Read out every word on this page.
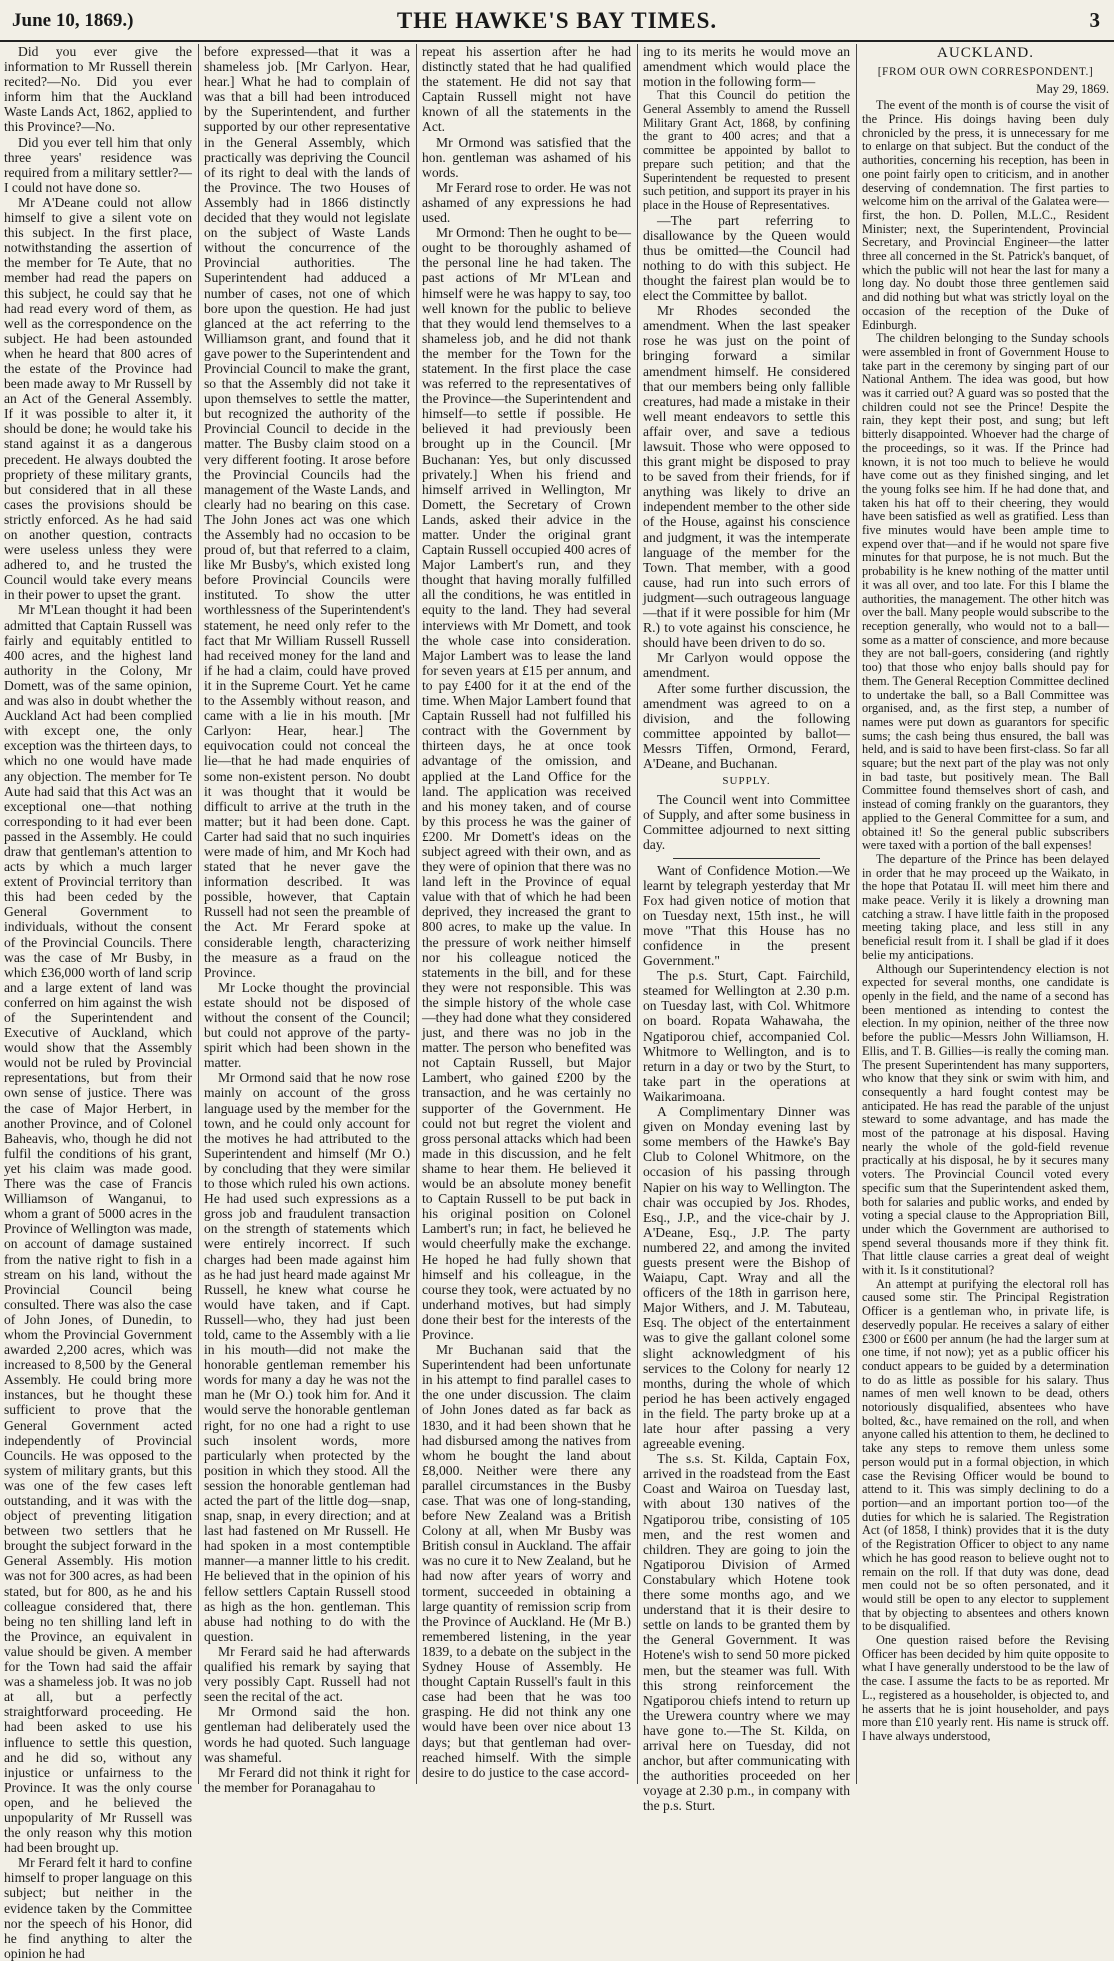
June 10, 1869.)	THE HAWKE'S BAY TIMES.	3

Did you ever give the information to Mr Russell therein recited?—No. Did you ever inform him that the Auckland Waste Lands Act, 1862, applied to this Province?—No.

Did you ever tell him that only three years' residence was required from a military settler?—I could not have done so.

Mr A'Deane could not allow himself to give a silent vote on this subject. In the first place, notwithstanding the assertion of the member for Te Aute, that no member had read the papers on this subject, he could say that he had read every word of them, as well as the correspondence on the subject. He had been astounded when he heard that 800 acres of the estate of the Province had been made away to Mr Russell by an Act of the General Assembly. If it was possible to alter it, it should be done; he would take his stand against it as a dangerous precedent. He always doubted the propriety of these military grants, but considered that in all these cases the provisions should be strictly enforced. As he had said on another question, contracts were useless unless they were adhered to, and he trusted the Council would take every means in their power to upset the grant.

Mr M'Lean thought it had been admitted that Captain Russell was fairly and equitably entitled to 400 acres, and the highest land authority in the Colony, Mr Domett, was of the same opinion, and was also in doubt whether the Auckland Act had been complied with except one, the only exception was the thirteen days, to which no one would have made any objection. The member for Te Aute had said that this Act was an exceptional one—that nothing corresponding to it had ever been passed in the Assembly. He could draw that gentleman's attention to acts by which a much larger extent of Provincial territory than this had been ceded by the General Government to individuals, without the consent of the Provincial Councils. There was the case of Mr Busby, in which £36,000 worth of land scrip and a large extent of land was conferred on him against the wish of the Superintendent and Executive of Auckland, which would show that the Assembly would not be ruled by Provincial representations, but from their own sense of justice. There was the case of Major Herbert, in another Province, and of Colonel Baheavis, who, though he did not fulfil the conditions of his grant, yet his claim was made good. There was the case of Francis Williamson of Wanganui, to whom a grant of 5000 acres in the Province of Wellington was made, on account of damage sustained from the native right to fish in a stream on his land, without the Provincial Council being consulted. There was also the case of John Jones, of Dunedin, to whom the Provincial Government awarded 2,200 acres, which was increased to 8,500 by the General Assembly. He could bring more instances, but he thought these sufficient to prove that the General Government acted independently of Provincial Councils. He was opposed to the system of military grants, but this was one of the few cases left outstanding, and it was with the object of preventing litigation between two settlers that he brought the subject forward in the General Assembly. His motion was not for 300 acres, as had been stated, but for 800, as he and his colleague considered that, there being no ten shilling land left in the Province, an equivalent in value should be given. A member for the Town had said the affair was a shameless job. It was no job at all, but a perfectly straightforward proceeding. He had been asked to use his influence to settle this question, and he did so, without any injustice or unfairness to the Province. It was the only course open, and he believed the unpopularity of Mr Russell was the only reason why this motion had been brought up.

Mr Ferard felt it hard to confine himself to proper language on this subject; but neither in the evidence taken by the Committee nor the speech of his Honor, did he find anything to alter the opinion he had

before expressed—that it was a shameless job. [Mr Carlyon. Hear, hear.] What he had to complain of was that a bill had been introduced by the Superintendent, and further supported by our other representative in the General Assembly, which practically was depriving the Council of its right to deal with the lands of the Province. The two Houses of Assembly had in 1866 distinctly decided that they would not legislate on the subject of Waste Lands without the concurrence of the Provincial authorities. The Superintendent had adduced a number of cases, not one of which bore upon the question. He had just glanced at the act referring to the Williamson grant, and found that it gave power to the Superintendent and Provincial Council to make the grant, so that the Assembly did not take it upon themselves to settle the matter, but recognized the authority of the Provincial Council to decide in the matter. The Busby claim stood on a very different footing. It arose before the Provincial Councils had the management of the Waste Lands, and clearly had no bearing on this case. The John Jones act was one which the Assembly had no occasion to be proud of, but that referred to a claim, like Mr Busby's, which existed long before Provincial Councils were instituted. To show the utter worthlessness of the Superintendent's statement, he need only refer to the fact that Mr William Russell Russell had received money for the land and if he had a claim, could have proved it in the Supreme Court. Yet he came to the Assembly without reason, and came with a lie in his mouth. [Mr Carlyon: Hear, hear.] The equivocation could not conceal the lie—that he had made enquiries of some non-existent person. No doubt it was thought that it would be difficult to arrive at the truth in the matter; but it had been done. Capt. Carter had said that no such inquiries were made of him, and Mr Koch had stated that he never gave the information described. It was possible, however, that Captain Russell had not seen the preamble of the Act. Mr Ferard spoke at considerable length, characterizing the measure as a fraud on the Province.

Mr Locke thought the provincial estate should not be disposed of without the consent of the Council; but could not approve of the party-spirit which had been shown in the matter.

Mr Ormond said that he now rose mainly on account of the gross language used by the member for the town, and he could only account for the motives he had attributed to the Superintendent and himself (Mr O.) by concluding that they were similar to those which ruled his own actions. He had used such expressions as a gross job and fraudulent transaction on the strength of statements which were entirely incorrect. If such charges had been made against him as he had just heard made against Mr Russell, he knew what course he would have taken, and if Capt. Russell—who, they had just been told, came to the Assembly with a lie in his mouth—did not make the honorable gentleman remember his words for many a day he was not the man he (Mr O.) took him for. And it would serve the honorable gentleman right, for no one had a right to use such insolent words, more particularly when protected by the position in which they stood. All the session the honorable gentleman had acted the part of the little dog—snap, snap, snap, in every direction; and at last had fastened on Mr Russell. He had spoken in a most contemptible manner—a manner little to his credit. He believed that in the opinion of his fellow settlers Captain Russell stood as high as the hon. gentleman. This abuse had nothing to do with the question.

Mr Ferard said he had afterwards qualified his remark by saying that very possibly Capt. Russell had not seen the recital of the act.

Mr Ormond said the hon. gentleman had deliberately used the words he had quoted. Such language was shameful.

Mr Ferard did not think it right for the member for Poranagahau to

repeat his assertion after he had distinctly stated that he had qualified the statement. He did not say that Captain Russell might not have known of all the statements in the Act.

Mr Ormond was satisfied that the hon. gentleman was ashamed of his words.

Mr Ferard rose to order. He was not ashamed of any expressions he had used.

Mr Ormond: Then he ought to be—ought to be thoroughly ashamed of the personal line he had taken. The past actions of Mr M'Lean and himself were he was happy to say, too well known for the public to believe that they would lend themselves to a shameless job, and he did not thank the member for the Town for the statement. In the first place the case was referred to the representatives of the Province—the Superintendent and himself—to settle if possible. He believed it had previously been brought up in the Council. [Mr Buchanan: Yes, but only discussed privately.] When his friend and himself arrived in Wellington, Mr Domett, the Secretary of Crown Lands, asked their advice in the matter. Under the original grant Captain Russell occupied 400 acres of Major Lambert's run, and they thought that having morally fulfilled all the conditions, he was entitled in equity to the land. They had several interviews with Mr Domett, and took the whole case into consideration. Major Lambert was to lease the land for seven years at £15 per annum, and to pay £400 for it at the end of the time. When Major Lambert found that Captain Russell had not fulfilled his contract with the Government by thirteen days, he at once took advantage of the omission, and applied at the Land Office for the land. The application was received and his money taken, and of course by this process he was the gainer of £200. Mr Domett's ideas on the subject agreed with their own, and as they were of opinion that there was no land left in the Province of equal value with that of which he had been deprived, they increased the grant to 800 acres, to make up the value. In the pressure of work neither himself nor his colleague noticed the statements in the bill, and for these they were not responsible. This was the simple history of the whole case—they had done what they considered just, and there was no job in the matter. The person who benefited was not Captain Russell, but Major Lambert, who gained £200 by the transaction, and he was certainly no supporter of the Government. He could not but regret the violent and gross personal attacks which had been made in this discussion, and he felt shame to hear them. He believed it would be an absolute money benefit to Captain Russell to be put back in his original position on Colonel Lambert's run; in fact, he believed he would cheerfully make the exchange. He hoped he had fully shown that himself and his colleague, in the course they took, were actuated by no underhand motives, but had simply done their best for the interests of the Province.

Mr Buchanan said that the Superintendent had been unfortunate in his attempt to find parallel cases to the one under discussion. The claim of John Jones dated as far back as 1830, and it had been shown that he had disbursed among the natives from whom he bought the land about £8,000. Neither were there any parallel circumstances in the Busby case. That was one of long-standing, before New Zealand was a British Colony at all, when Mr Busby was British consul in Auckland. The affair was no cure it to New Zealand, but he had now after years of worry and torment, succeeded in obtaining a large quantity of remission scrip from the Province of Auckland. He (Mr B.) remembered listening, in the year 1839, to a debate on the subject in the Sydney House of Assembly. He thought Captain Russell's fault in this case had been that he was too grasping. He did not think any one would have been over nice about 13 days; but that gentleman had over-reached himself. With the simple desire to do justice to the case accord-

ing to its merits he would move an amendment which would place the motion in the following form—

That this Council do petition the General Assembly to amend the Russell Military Grant Act, 1868, by confining the grant to 400 acres; and that a committee be appointed by ballot to prepare such petition; and that the Superintendent be requested to present such petition, and support its prayer in his place in the House of Representatives.

—The part referring to disallowance by the Queen would thus be omitted—the Council had nothing to do with this subject. He thought the fairest plan would be to elect the Committee by ballot.

Mr Rhodes seconded the amendment. When the last speaker rose he was just on the point of bringing forward a similar amendment himself. He considered that our members being only fallible creatures, had made a mistake in their well meant endeavors to settle this affair over, and save a tedious lawsuit. Those who were opposed to this grant might be disposed to pray to be saved from their friends, for if anything was likely to drive an independent member to the other side of the House, against his conscience and judgment, it was the intemperate language of the member for the Town. That member, with a good cause, had run into such errors of judgment—such outrageous language—that if it were possible for him (Mr R.) to vote against his conscience, he should have been driven to do so.

Mr Carlyon would oppose the amendment.

After some further discussion, the amendment was agreed to on a division, and the following committee appointed by ballot—Messrs Tiffen, Ormond, Ferard, A'Deane, and Buchanan.

SUPPLY.

The Council went into Committee of Supply, and after some business in Committee adjourned to next sitting day.

Want of Confidence Motion.—We learnt by telegraph yesterday that Mr Fox had given notice of motion that on Tuesday next, 15th inst., he will move "That this House has no confidence in the present Government."

The p.s. Sturt, Capt. Fairchild, steamed for Wellington at 2.30 p.m. on Tuesday last, with Col. Whitmore on board. Ropata Wahawaha, the Ngatiporou chief, accompanied Col. Whitmore to Wellington, and is to return in a day or two by the Sturt, to take part in the operations at Waikarimoana.

A Complimentary Dinner was given on Monday evening last by some members of the Hawke's Bay Club to Colonel Whitmore, on the occasion of his passing through Napier on his way to Wellington. The chair was occupied by Jos. Rhodes, Esq., J.P., and the vice-chair by J. A'Deane, Esq., J.P. The party numbered 22, and among the invited guests present were the Bishop of Waiapu, Capt. Wray and all the officers of the 18th in garrison here, Major Withers, and J. M. Tabuteau, Esq. The object of the entertainment was to give the gallant colonel some slight acknowledgment of his services to the Colony for nearly 12 months, during the whole of which period he has been actively engaged in the field. The party broke up at a late hour after passing a very agreeable evening.

The s.s. St. Kilda, Captain Fox, arrived in the roadstead from the East Coast and Wairoa on Tuesday last, with about 130 natives of the Ngatiporou tribe, consisting of 105 men, and the rest women and children. They are going to join the Ngatiporou Division of Armed Constabulary which Hotene took there some months ago, and we understand that it is their desire to settle on lands to be granted them by the General Government. It was Hotene's wish to send 50 more picked men, but the steamer was full. With this strong reinforcement the Ngatiporou chiefs intend to return up the Urewera country where we may have gone to.—The St. Kilda, on arrival here on Tuesday, did not anchor, but after communicating with the authorities proceeded on her voyage at 2.30 p.m., in company with the p.s. Sturt.

AUCKLAND.
[FROM OUR OWN CORRESPONDENT.]
May 29, 1869.

The event of the month is of course the visit of the Prince. His doings having been duly chronicled by the press, it is unnecessary for me to enlarge on that subject. But the conduct of the authorities, concerning his reception, has been in one point fairly open to criticism, and in another deserving of condemnation. The first parties to welcome him on the arrival of the Galatea were—first, the hon. D. Pollen, M.L.C., Resident Minister; next, the Superintendent, Provincial Secretary, and Provincial Engineer—the latter three all concerned in the St. Patrick's banquet, of which the public will not hear the last for many a long day. No doubt those three gentlemen said and did nothing but what was strictly loyal on the occasion of the reception of the Duke of Edinburgh.

The children belonging to the Sunday schools were assembled in front of Government House to take part in the ceremony by singing part of our National Anthem. The idea was good, but how was it carried out? A guard was so posted that the children could not see the Prince! Despite the rain, they kept their post, and sung; but left bitterly disappointed. Whoever had the charge of the proceedings, so it was. If the Prince had known, it is not too much to believe he would have come out as they finished singing, and let the young folks see him. If he had done that, and taken his hat off to their cheering, they would have been satisfied as well as gratified. Less than five minutes would have been ample time to expend over that—and if he would not spare five minutes for that purpose, he is not much. But the probability is he knew nothing of the matter until it was all over, and too late. For this I blame the authorities, the management. The other hitch was over the ball. Many people would subscribe to the reception generally, who would not to a ball—some as a matter of conscience, and more because they are not ball-goers, considering (and rightly too) that those who enjoy balls should pay for them. The General Reception Committee declined to undertake the ball, so a Ball Committee was organised, and, as the first step, a number of names were put down as guarantors for specific sums; the cash being thus ensured, the ball was held, and is said to have been first-class. So far all square; but the next part of the play was not only in bad taste, but positively mean. The Ball Committee found themselves short of cash, and instead of coming frankly on the guarantors, they applied to the General Committee for a sum, and obtained it! So the general public subscribers were taxed with a portion of the ball expenses!

The departure of the Prince has been delayed in order that he may proceed up the Waikato, in the hope that Potatau II. will meet him there and make peace. Verily it is likely a drowning man catching a straw. I have little faith in the proposed meeting taking place, and less still in any beneficial result from it. I shall be glad if it does belie my anticipations.

Although our Superintendency election is not expected for several months, one candidate is openly in the field, and the name of a second has been mentioned as intending to contest the election. In my opinion, neither of the three now before the public—Messrs John Williamson, H. Ellis, and T. B. Gillies—is really the coming man. The present Superintendent has many supporters, who know that they sink or swim with him, and consequently a hard fought contest may be anticipated. He has read the parable of the unjust steward to some advantage, and has made the most of the patronage at his disposal. Having nearly the whole of the gold-field revenue practically at his disposal, he by it secures many voters. The Provincial Council voted every specific sum that the Superintendent asked them, both for salaries and public works, and ended by voting a special clause to the Appropriation Bill, under which the Government are authorised to spend several thousands more if they think fit. That little clause carries a great deal of weight with it. Is it constitutional?

An attempt at purifying the electoral roll has caused some stir. The Principal Registration Officer is a gentleman who, in private life, is deservedly popular. He receives a salary of either £300 or £600 per annum (he had the larger sum at one time, if not now); yet as a public officer his conduct appears to be guided by a determination to do as little as possible for his salary. Thus names of men well known to be dead, others notoriously disqualified, absentees who have bolted, &c., have remained on the roll, and when anyone called his attention to them, he declined to take any steps to remove them unless some person would put in a formal objection, in which case the Revising Officer would be bound to attend to it. This was simply declining to do a portion—and an important portion too—of the duties for which he is salaried. The Registration Act (of 1858, I think) provides that it is the duty of the Registration Officer to object to any name which he has good reason to believe ought not to remain on the roll. If that duty was done, dead men could not be so often personated, and it would still be open to any elector to supplement that by objecting to absentees and others known to be disqualified.

One question raised before the Revising Officer has been decided by him quite opposite to what I have generally understood to be the law of the case. I assume the facts to be as reported. Mr L., registered as a householder, is objected to, and he asserts that he is joint householder, and pays more than £10 yearly rent. His name is struck off. I have always understood,
